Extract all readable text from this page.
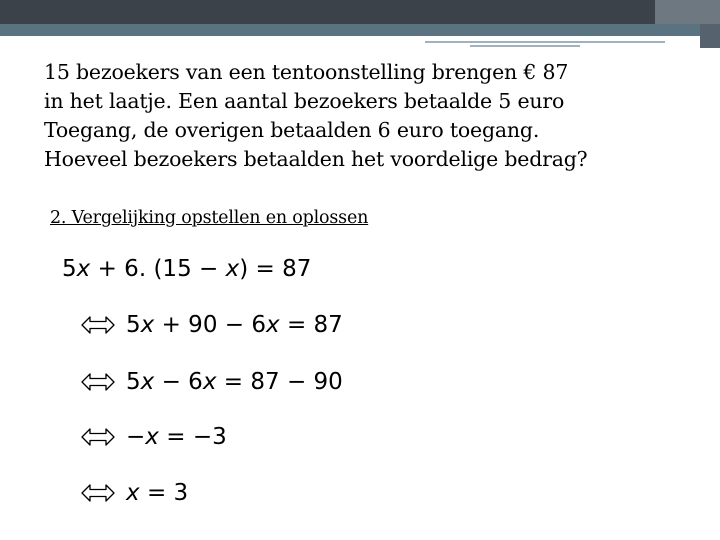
15 bezoekers van een tentoonstelling brengen € 87
in het laatje. Een aantal bezoekers betaalde 5 euro
Toegang, de overigen betaalden 6 euro toegang.
Hoeveel bezoekers betaalden het voordelige bedrag?
2. Vergelijking opstellen en oplossen
5x + 6. (15 − x) = 87
5x + 90 − 6x = 87
5x − 6x = 87 − 90
−x = −3
x = 3
